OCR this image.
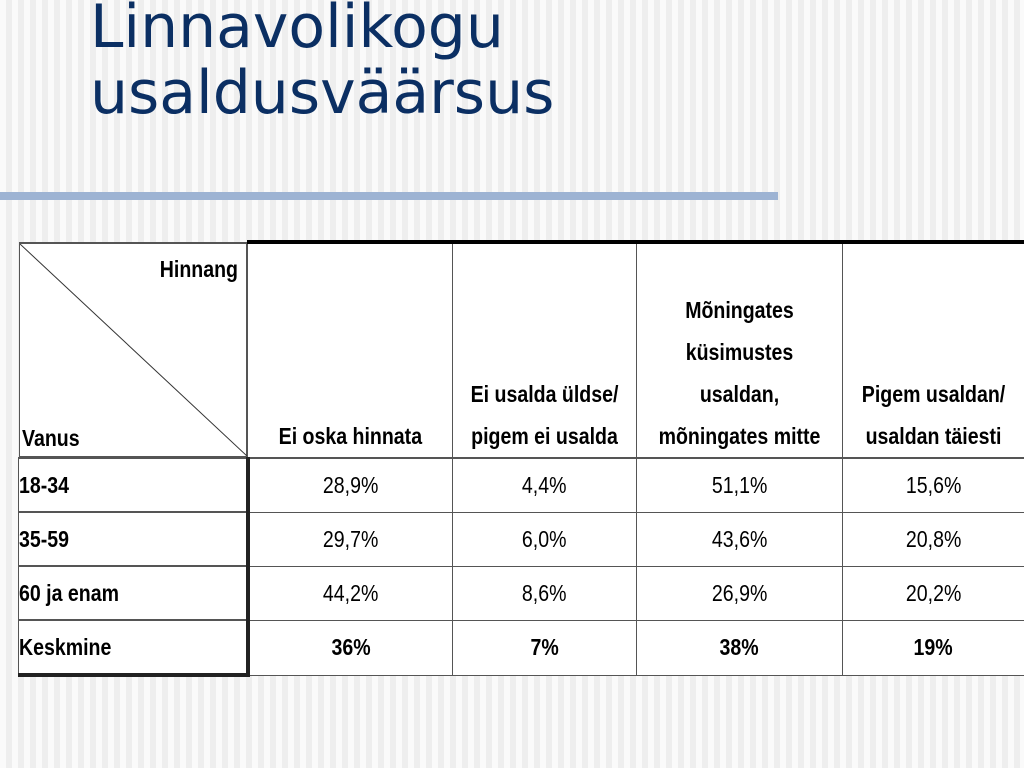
Linnavolikogu usaldusväärsus
Hinnang
Vanus	Ei oska hinnata	Ei usalda üldse/ pigem ei usalda	Mõningates küsimustes usaldan, mõningates mitte	Pigem usaldan/ usaldan täiesti
18-34	28,9%	4,4%	51,1%	15,6%
35-59	29,7%	6,0%	43,6%	20,8%
60 ja enam	44,2%	8,6%	26,9%	20,2%
Keskmine	36%	7%	38%	19%
